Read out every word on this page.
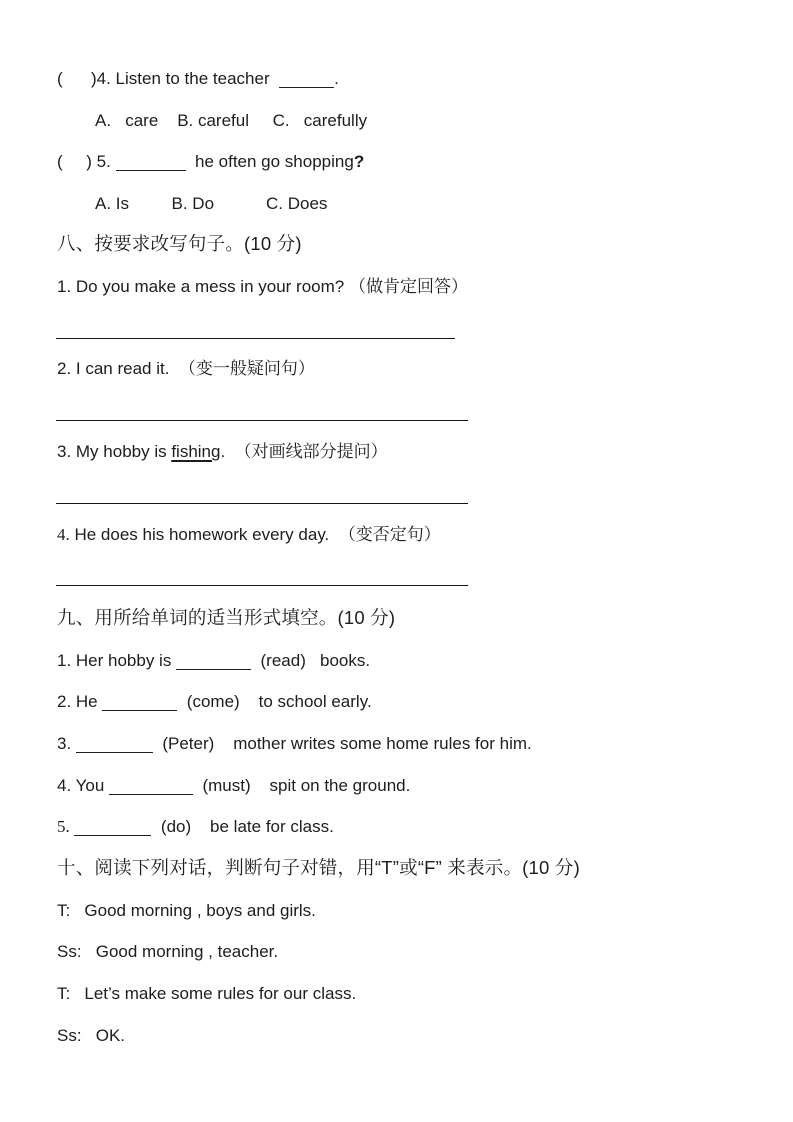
(      )4. Listen to the teacher	.
A.   care    B. careful     C.   carefully
(     ) 5.	he often go shopping?
A. Is         B. Do           C. Does
八、按要求改写句子。(10 分)
1. Do you make a mess in your room? （做肯定回答）
2. I can read it.  （变一般疑问句）
3. My hobby is fishing.  （对画线部分提问）
4. He does his homework every day.  （变否定句）
九、用所给单词的适当形式填空。(10 分)
1. Her hobby is	(read)   books.
2. He	(come)    to school early.
3.	(Peter)    mother writes some home rules for him.
4. You	(must)    spit on the ground.
5.	(do)    be late for class.
十、阅读下列对话，判断句子对错，用“T”或“F” 来表示。(10 分)
T:   Good morning , boys and girls.
Ss:   Good morning , teacher.
T:   Let’s make some rules for our class.
Ss:   OK.
